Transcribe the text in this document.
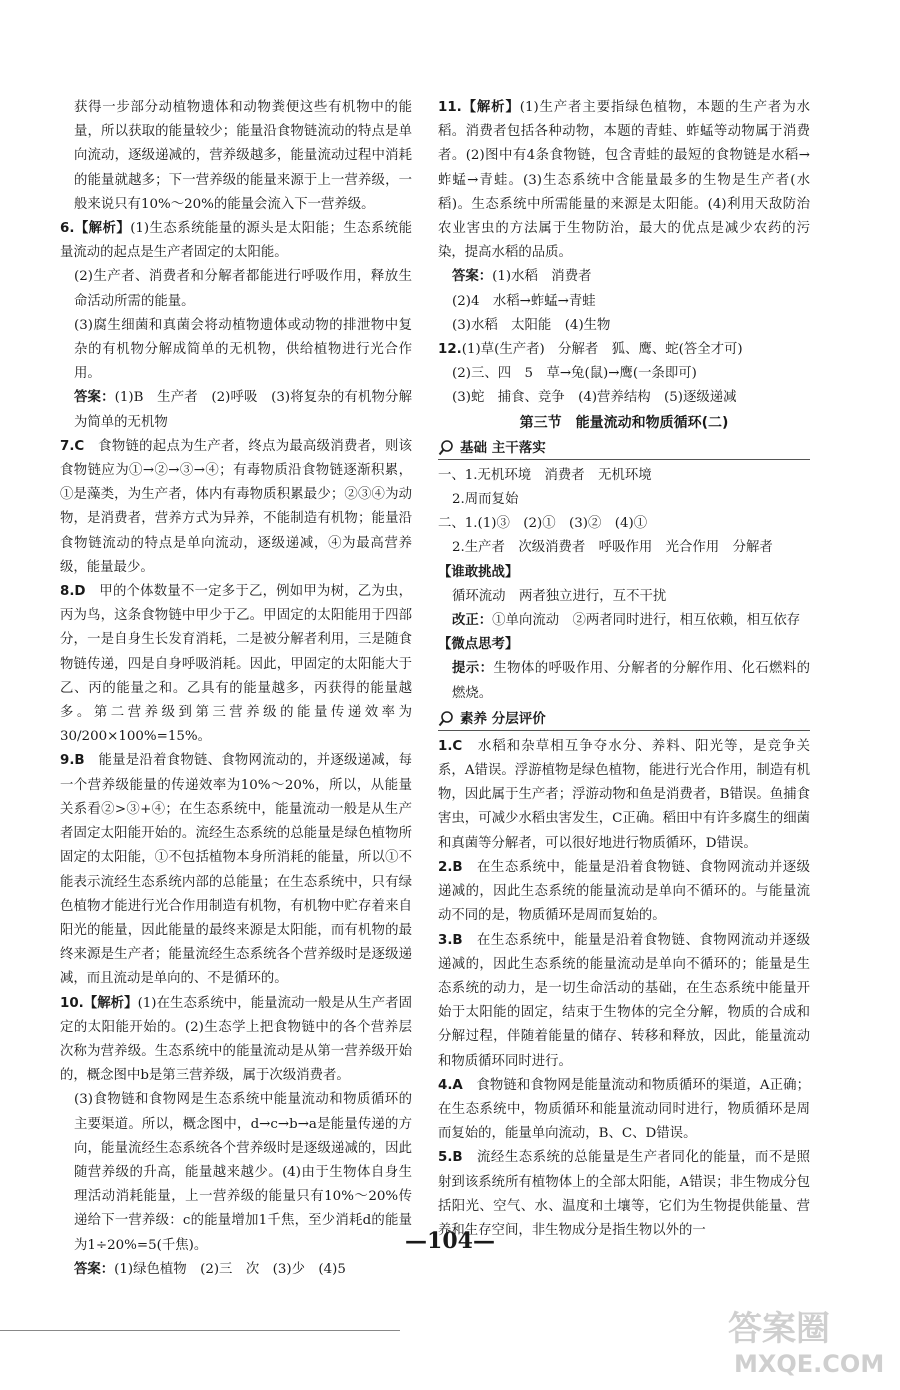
获得一步部分动植物遗体和动物粪便这些有机物中的能量，所以获取的能量较少；能量沿食物链流动的特点是单向流动，逐级递减的，营养级越多，能量流动过程中消耗的能量就越多；下一营养级的能量来源于上一营养级，一般来说只有10%～20%的能量会流入下一营养级。

6.【解析】(1)生态系统能量的源头是太阳能；生态系统能量流动的起点是生产者固定的太阳能。

(2)生产者、消费者和分解者都能进行呼吸作用，释放生命活动所需的能量。

(3)腐生细菌和真菌会将动植物遗体或动物的排泄物中复杂的有机物分解成简单的无机物，供给植物进行光合作用。

答案：(1)B　生产者　(2)呼吸　(3)将复杂的有机物分解为简单的无机物

7.C　食物链的起点为生产者，终点为最高级消费者，则该食物链应为①→②→③→④；有毒物质沿食物链逐渐积累，①是藻类，为生产者，体内有毒物质积累最少；②③④为动物，是消费者，营养方式为异养，不能制造有机物；能量沿食物链流动的特点是单向流动，逐级递减，④为最高营养级，能量最少。

8.D　甲的个体数量不一定多于乙，例如甲为树，乙为虫，丙为鸟，这条食物链中甲少于乙。甲固定的太阳能用于四部分，一是自身生长发育消耗，二是被分解者利用，三是随食物链传递，四是自身呼吸消耗。因此，甲固定的太阳能大于乙、丙的能量之和。乙具有的能量越多，丙获得的能量越多。第二营养级到第三营养级的能量传递效率为30/200×100%=15%。

9.B　能量是沿着食物链、食物网流动的，并逐级递减，每一个营养级能量的传递效率为10%～20%，所以，从能量关系看②>③+④；在生态系统中，能量流动一般是从生产者固定太阳能开始的。流经生态系统的总能量是绿色植物所固定的太阳能，①不包括植物本身所消耗的能量，所以①不能表示流经生态系统内部的总能量；在生态系统中，只有绿色植物才能进行光合作用制造有机物，有机物中贮存着来自阳光的能量，因此能量的最终来源是太阳能，而有机物的最终来源是生产者；能量流经生态系统各个营养级时是逐级递减，而且流动是单向的、不是循环的。

10.【解析】(1)在生态系统中，能量流动一般是从生产者固定的太阳能开始的。(2)生态学上把食物链中的各个营养层次称为营养级。生态系统中的能量流动是从第一营养级开始的，概念图中b是第三营养级，属于次级消费者。

(3)食物链和食物网是生态系统中能量流动和物质循环的主要渠道。所以，概念图中，d→c→b→a是能量传递的方向，能量流经生态系统各个营养级时是逐级递减的，因此随营养级的升高，能量越来越少。(4)由于生物体自身生理活动消耗能量，上一营养级的能量只有10%～20%传递给下一营养级：c的能量增加1千焦，至少消耗d的能量为1÷20%=5(千焦)。

答案：(1)绿色植物　(2)三　次　(3)少　(4)5

11.【解析】(1)生产者主要指绿色植物，本题的生产者为水稻。消费者包括各种动物，本题的青蛙、蚱蜢等动物属于消费者。(2)图中有4条食物链，包含青蛙的最短的食物链是水稻→蚱蜢→青蛙。(3)生态系统中含能量最多的生物是生产者(水稻)。生态系统中所需能量的来源是太阳能。(4)利用天敌防治农业害虫的方法属于生物防治，最大的优点是减少农药的污染，提高水稻的品质。

答案：(1)水稻　消费者

(2)4　水稻→蚱蜢→青蛙

(3)水稻　太阳能　(4)生物

12.(1)草(生产者)　分解者　狐、鹰、蛇(答全才可)

(2)三、四　5　草→兔(鼠)→鹰(一条即可)

(3)蛇　捕食、竞争　(4)营养结构　(5)逐级递减

第三节　能量流动和物质循环(二)

基础 主干落实

一、1.无机环境　消费者　无机环境

2.周而复始

二、1.(1)③　(2)①　(3)②　(4)①

2.生产者　次级消费者　呼吸作用　光合作用　分解者

【谁敢挑战】

循环流动　两者独立进行，互不干扰

改正：①单向流动　②两者同时进行，相互依赖，相互依存

【微点思考】

提示：生物体的呼吸作用、分解者的分解作用、化石燃料的燃烧。

素养 分层评价

1.C　水稻和杂草相互争夺水分、养料、阳光等，是竞争关系，A错误。浮游植物是绿色植物，能进行光合作用，制造有机物，因此属于生产者；浮游动物和鱼是消费者，B错误。鱼捕食害虫，可减少水稻虫害发生，C正确。稻田中有许多腐生的细菌和真菌等分解者，可以很好地进行物质循环，D错误。

2.B　在生态系统中，能量是沿着食物链、食物网流动并逐级递减的，因此生态系统的能量流动是单向不循环的。与能量流动不同的是，物质循环是周而复始的。

3.B　在生态系统中，能量是沿着食物链、食物网流动并逐级递减的，因此生态系统的能量流动是单向不循环的；能量是生态系统的动力，是一切生命活动的基础，在生态系统中能量开始于太阳能的固定，结束于生物体的完全分解，物质的合成和分解过程，伴随着能量的储存、转移和释放，因此，能量流动和物质循环同时进行。

4.A　食物链和食物网是能量流动和物质循环的渠道，A正确；在生态系统中，物质循环和能量流动同时进行，物质循环是周而复始的，能量单向流动，B、C、D错误。

5.B　流经生态系统的总能量是生产者同化的能量，而不是照射到该系统所有植物体上的全部太阳能，A错误；非生物成分包括阳光、空气、水、温度和土壤等，它们为生物提供能量、营养和生存空间，非生物成分是指生物以外的一

—104—
答案圈
MXQE.COM
